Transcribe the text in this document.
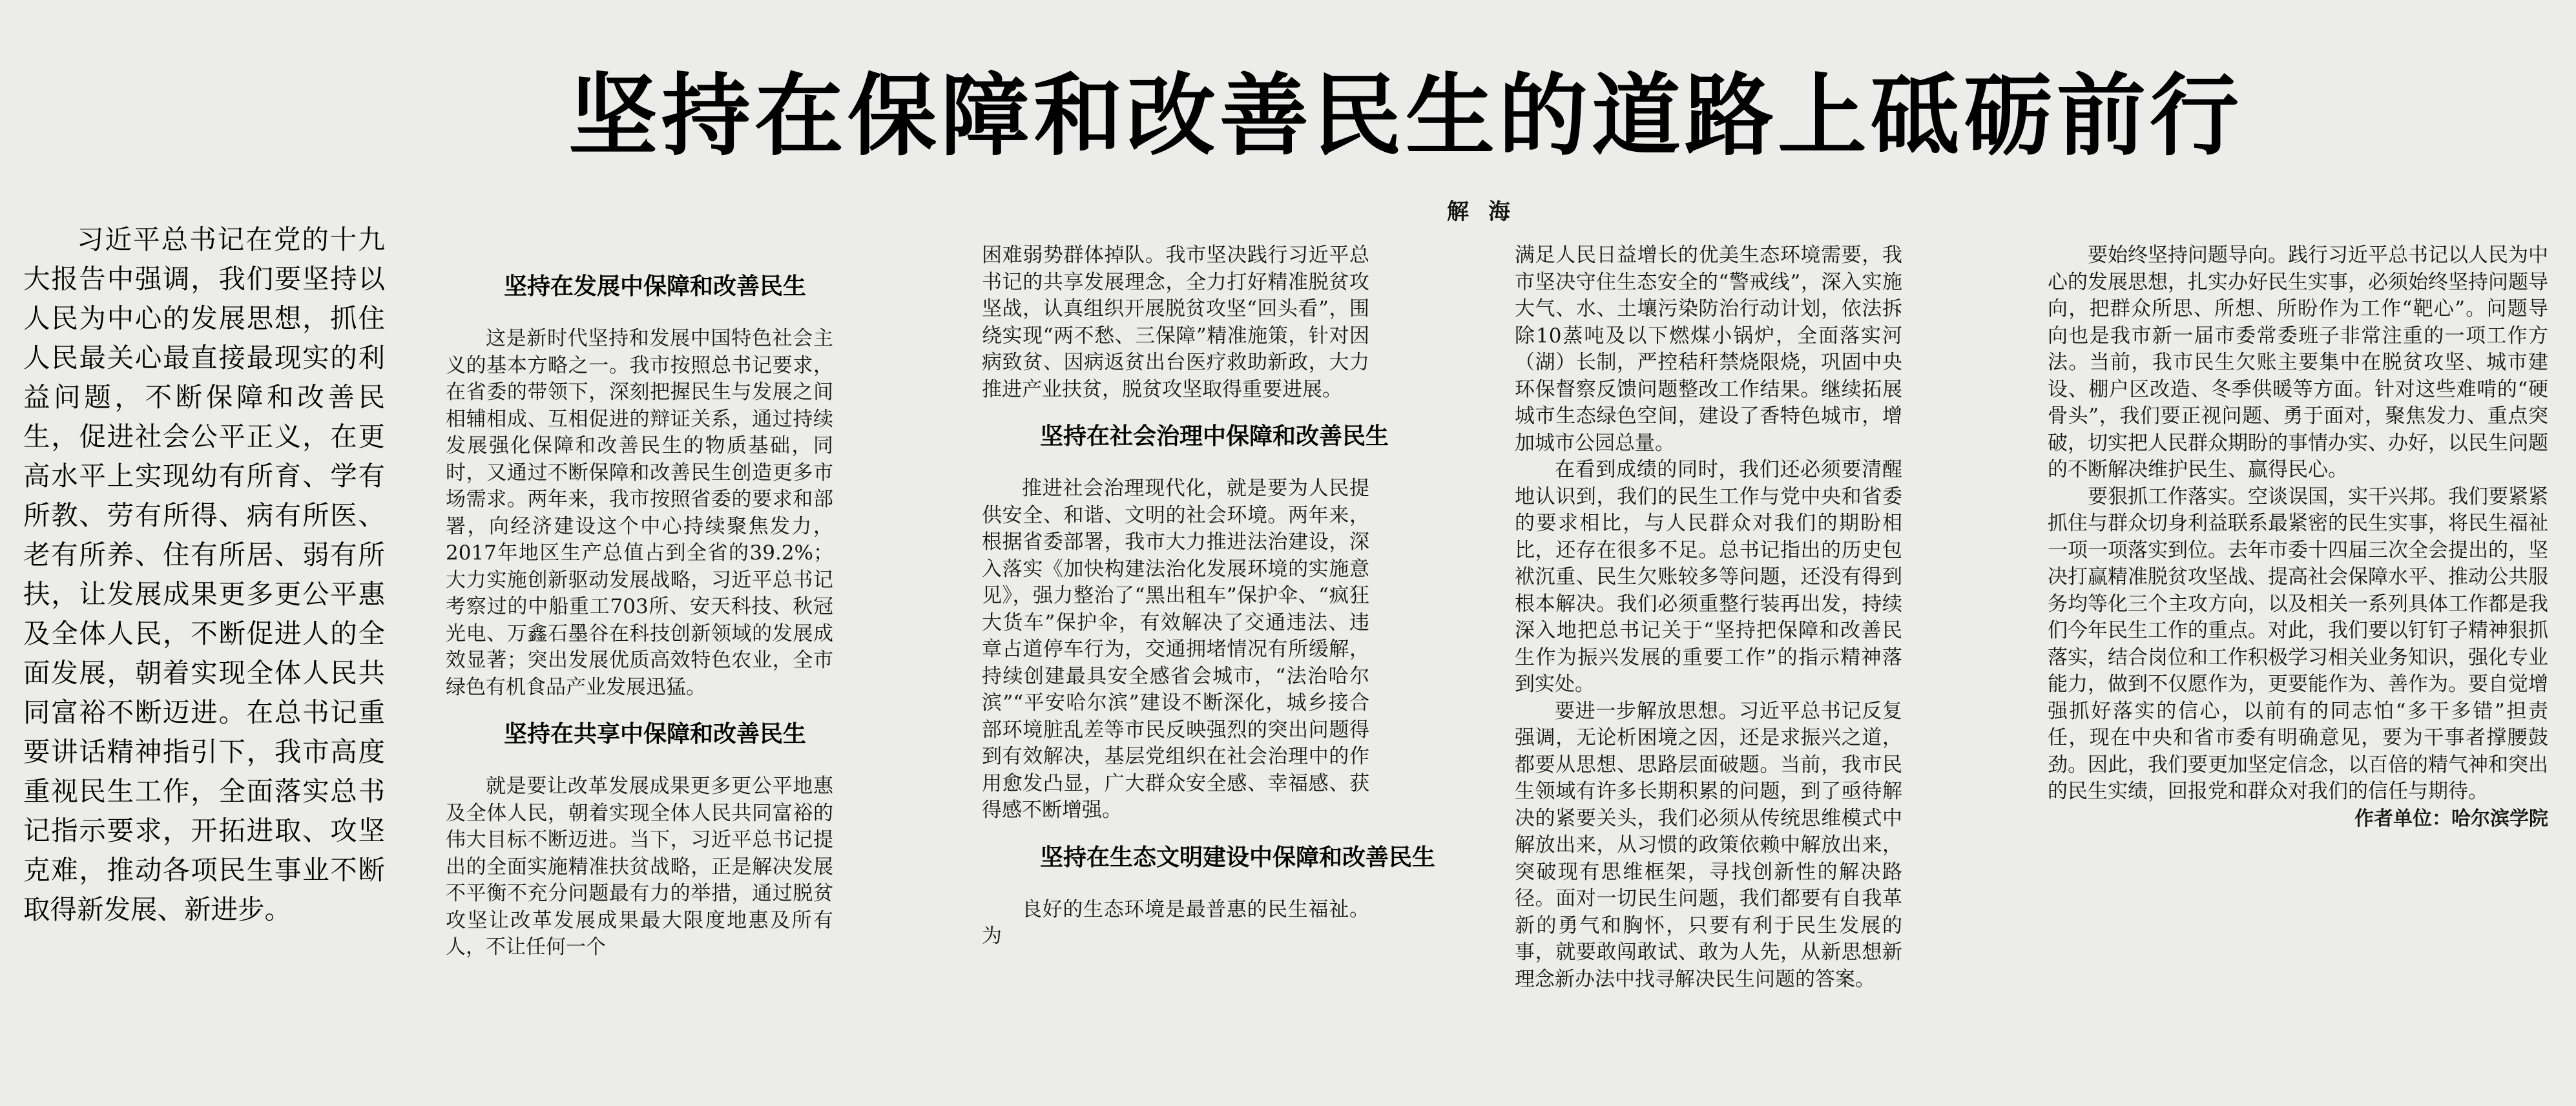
坚持在保障和改善民生的道路上砥砺前行
解海

习近平总书记在党的十九大报告中强调，我们要坚持以人民为中心的发展思想，抓住人民最关心最直接最现实的利益问题，不断保障和改善民生，促进社会公平正义，在更高水平上实现幼有所育、学有所教、劳有所得、病有所医、老有所养、住有所居、弱有所扶，让发展成果更多更公平惠及全体人民，不断促进人的全面发展，朝着实现全体人民共同富裕不断迈进。在总书记重要讲话精神指引下，我市高度重视民生工作，全面落实总书记指示要求，开拓进取、攻坚克难，推动各项民生事业不断取得新发展、新进步。

坚持在发展中保障和改善民生

这是新时代坚持和发展中国特色社会主义的基本方略之一。我市按照总书记要求，在省委的带领下，深刻把握民生与发展之间相辅相成、互相促进的辩证关系，通过持续发展强化保障和改善民生的物质基础，同时，又通过不断保障和改善民生创造更多市场需求。两年来，我市按照省委的要求和部署，向经济建设这个中心持续聚焦发力，2017年地区生产总值占到全省的39.2%；大力实施创新驱动发展战略，习近平总书记考察过的中船重工703所、安天科技、秋冠光电、万鑫石墨谷在科技创新领域的发展成效显著；突出发展优质高效特色农业，全市绿色有机食品产业发展迅猛。

坚持在共享中保障和改善民生

就是要让改革发展成果更多更公平地惠及全体人民，朝着实现全体人民共同富裕的伟大目标不断迈进。当下，习近平总书记提出的全面实施精准扶贫战略，正是解决发展不平衡不充分问题最有力的举措，通过脱贫攻坚让改革发展成果最大限度地惠及所有人，不让任何一个

困难弱势群体掉队。我市坚决践行习近平总书记的共享发展理念，全力打好精准脱贫攻坚战，认真组织开展脱贫攻坚“回头看”，围绕实现“两不愁、三保障”精准施策，针对因病致贫、因病返贫出台医疗救助新政，大力推进产业扶贫，脱贫攻坚取得重要进展。

坚持在社会治理中保障和改善民生

推进社会治理现代化，就是要为人民提供安全、和谐、文明的社会环境。两年来，根据省委部署，我市大力推进法治建设，深入落实《加快构建法治化发展环境的实施意见》，强力整治了“黑出租车”保护伞、“疯狂大货车”保护伞，有效解决了交通违法、违章占道停车行为，交通拥堵情况有所缓解，持续创建最具安全感省会城市，“法治哈尔滨”“平安哈尔滨”建设不断深化，城乡接合部环境脏乱差等市民反映强烈的突出问题得到有效解决，基层党组织在社会治理中的作用愈发凸显，广大群众安全感、幸福感、获得感不断增强。

坚持在生态文明建设中保障和改善民生

良好的生态环境是最普惠的民生福祉。为

满足人民日益增长的优美生态环境需要，我市坚决守住生态安全的“警戒线”，深入实施大气、水、土壤污染防治行动计划，依法拆除10蒸吨及以下燃煤小锅炉，全面落实河（湖）长制，严控秸秆禁烧限烧，巩固中央环保督察反馈问题整改工作结果。继续拓展城市生态绿色空间，建设了香特色城市，增加城市公园总量。

在看到成绩的同时，我们还必须要清醒地认识到，我们的民生工作与党中央和省委的要求相比，与人民群众对我们的期盼相比，还存在很多不足。总书记指出的历史包袱沉重、民生欠账较多等问题，还没有得到根本解决。我们必须重整行装再出发，持续深入地把总书记关于“坚持把保障和改善民生作为振兴发展的重要工作”的指示精神落到实处。

要进一步解放思想。习近平总书记反复强调，无论析困境之因，还是求振兴之道，都要从思想、思路层面破题。当前，我市民生领域有许多长期积累的问题，到了亟待解决的紧要关头，我们必须从传统思维模式中解放出来，从习惯的政策依赖中解放出来，突破现有思维框架，寻找创新性的解决路径。面对一切民生问题，我们都要有自我革新的勇气和胸怀，只要有利于民生发展的事，就要敢闯敢试、敢为人先，从新思想新理念新办法中找寻解决民生问题的答案。

要始终坚持问题导向。践行习近平总书记以人民为中心的发展思想，扎实办好民生实事，必须始终坚持问题导向，把群众所思、所想、所盼作为工作“靶心”。问题导向也是我市新一届市委常委班子非常注重的一项工作方法。当前，我市民生欠账主要集中在脱贫攻坚、城市建设、棚户区改造、冬季供暖等方面。针对这些难啃的“硬骨头”，我们要正视问题、勇于面对，聚焦发力、重点突破，切实把人民群众期盼的事情办实、办好，以民生问题的不断解决维护民生、赢得民心。

要狠抓工作落实。空谈误国，实干兴邦。我们要紧紧抓住与群众切身利益联系最紧密的民生实事，将民生福祉一项一项落实到位。去年市委十四届三次全会提出的，坚决打赢精准脱贫攻坚战、提高社会保障水平、推动公共服务均等化三个主攻方向，以及相关一系列具体工作都是我们今年民生工作的重点。对此，我们要以钉钉子精神狠抓落实，结合岗位和工作积极学习相关业务知识，强化专业能力，做到不仅愿作为，更要能作为、善作为。要自觉增强抓好落实的信心，以前有的同志怕“多干多错”担责任，现在中央和省市委有明确意见，要为干事者撑腰鼓劲。因此，我们要更加坚定信念，以百倍的精气神和突出的民生实绩，回报党和群众对我们的信任与期待。

作者单位：哈尔滨学院
